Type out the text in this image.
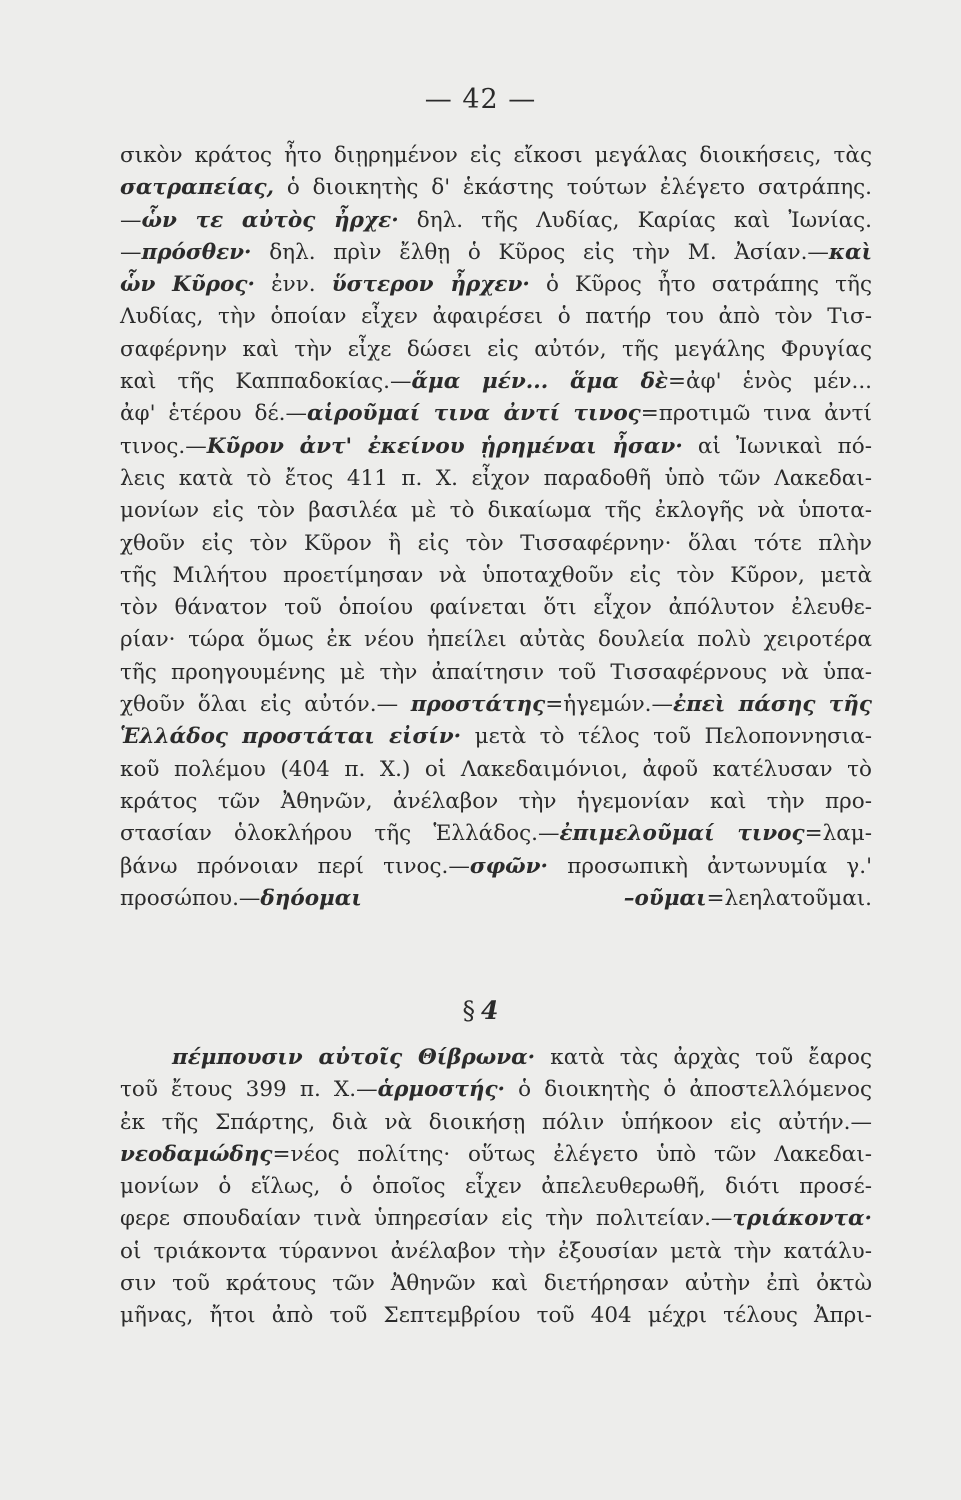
— 42 —
σικὸν κράτος ἦτο διῃρημένον εἰς εἴκοσι μεγάλας διοικήσεις, τὰς
σατραπείας, ὁ διοικητὴς δ' ἑκάστης τούτων ἐλέγετο σατράπης.
—ὧν τε αὐτὸς ἦρχε· δηλ. τῆς Λυδίας, Καρίας καὶ Ἰωνίας.
—πρόσθεν· δηλ. πρὶν ἔλθῃ ὁ Κῦρος εἰς τὴν Μ. Ἀσίαν.—καὶ
ὧν Κῦρος· ἐνν. ὕστερον ἦρχεν· ὁ Κῦρος ἦτο σατράπης τῆς
Λυδίας, τὴν ὁποίαν εἶχεν ἀφαιρέσει ὁ πατήρ του ἀπὸ τὸν Τισ-
σαφέρνην καὶ τὴν εἶχε δώσει εἰς αὐτόν, τῆς μεγάλης Φρυγίας
καὶ τῆς Καππαδοκίας.—ἅμα μέν... ἅμα δὲ=ἀφ' ἑνὸς μέν...
ἀφ' ἑτέρου δέ.—αἱροῦμαί τινα ἀντί τινος=προτιμῶ τινα ἀντί
τινος.—Κῦρον ἀντ' ἐκείνου ᾑρημέναι ἦσαν· αἱ Ἰωνικαὶ πό-
λεις κατὰ τὸ ἔτος 411 π. Χ. εἶχον παραδοθῆ ὑπὸ τῶν Λακεδαι-
μονίων εἰς τὸν βασιλέα μὲ τὸ δικαίωμα τῆς ἐκλογῆς νὰ ὑποτα-
χθοῦν εἰς τὸν Κῦρον ἢ εἰς τὸν Τισσαφέρνην· ὅλαι τότε πλὴν
τῆς Μιλήτου προετίμησαν νὰ ὑποταχθοῦν εἰς τὸν Κῦρον, μετὰ
τὸν θάνατον τοῦ ὁποίου φαίνεται ὅτι εἶχον ἀπόλυτον ἐλευθε-
ρίαν· τώρα ὅμως ἐκ νέου ἠπείλει αὐτὰς δουλεία πολὺ χειροτέρα
τῆς προηγουμένης μὲ τὴν ἀπαίτησιν τοῦ Τισσαφέρνους νὰ ὑπα-
χθοῦν ὅλαι εἰς αὐτόν.— προστάτης=ἡγεμών.—ἐπεὶ πάσης τῆς
Ἑλλάδος προστάται εἰσίν· μετὰ τὸ τέλος τοῦ Πελοποννησια-
κοῦ πολέμου (404 π. Χ.) οἱ Λακεδαιμόνιοι, ἀφοῦ κατέλυσαν τὸ
κράτος τῶν Ἀθηνῶν, ἀνέλαβον τὴν ἡγεμονίαν καὶ τὴν προ-
στασίαν ὁλοκλήρου τῆς Ἑλλάδος.—ἐπιμελοῦμαί τινος=λαμ-
βάνω πρόνοιαν περί τινος.—σφῶν· προσωπικὴ ἀντωνυμία γ.'
προσώπου.—δηόομαι –οῦμαι=λεηλατοῦμαι.
§ 4
πέμπουσιν αὐτοῖς Θίβρωνα· κατὰ τὰς ἀρχὰς τοῦ ἔαρος
τοῦ ἔτους 399 π. Χ.—ἁρμοστής· ὁ διοικητὴς ὁ ἀποστελλόμενος
ἐκ τῆς Σπάρτης, διὰ νὰ διοικήσῃ πόλιν ὑπήκοον εἰς αὐτήν.—
νεοδαμώδης=νέος πολίτης· οὕτως ἐλέγετο ὑπὸ τῶν Λακεδαι-
μονίων ὁ εἵλως, ὁ ὁποῖος εἶχεν ἀπελευθερωθῆ, διότι προσέ-
φερε σπουδαίαν τινὰ ὑπηρεσίαν εἰς τὴν πολιτείαν.—τριάκοντα·
οἱ τριάκοντα τύραννοι ἀνέλαβον τὴν ἐξουσίαν μετὰ τὴν κατάλυ-
σιν τοῦ κράτους τῶν Ἀθηνῶν καὶ διετήρησαν αὐτὴν ἐπὶ ὀκτὼ
μῆνας, ἤτοι ἀπὸ τοῦ Σεπτεμβρίου τοῦ 404 μέχρι τέλους Ἀπρι-
